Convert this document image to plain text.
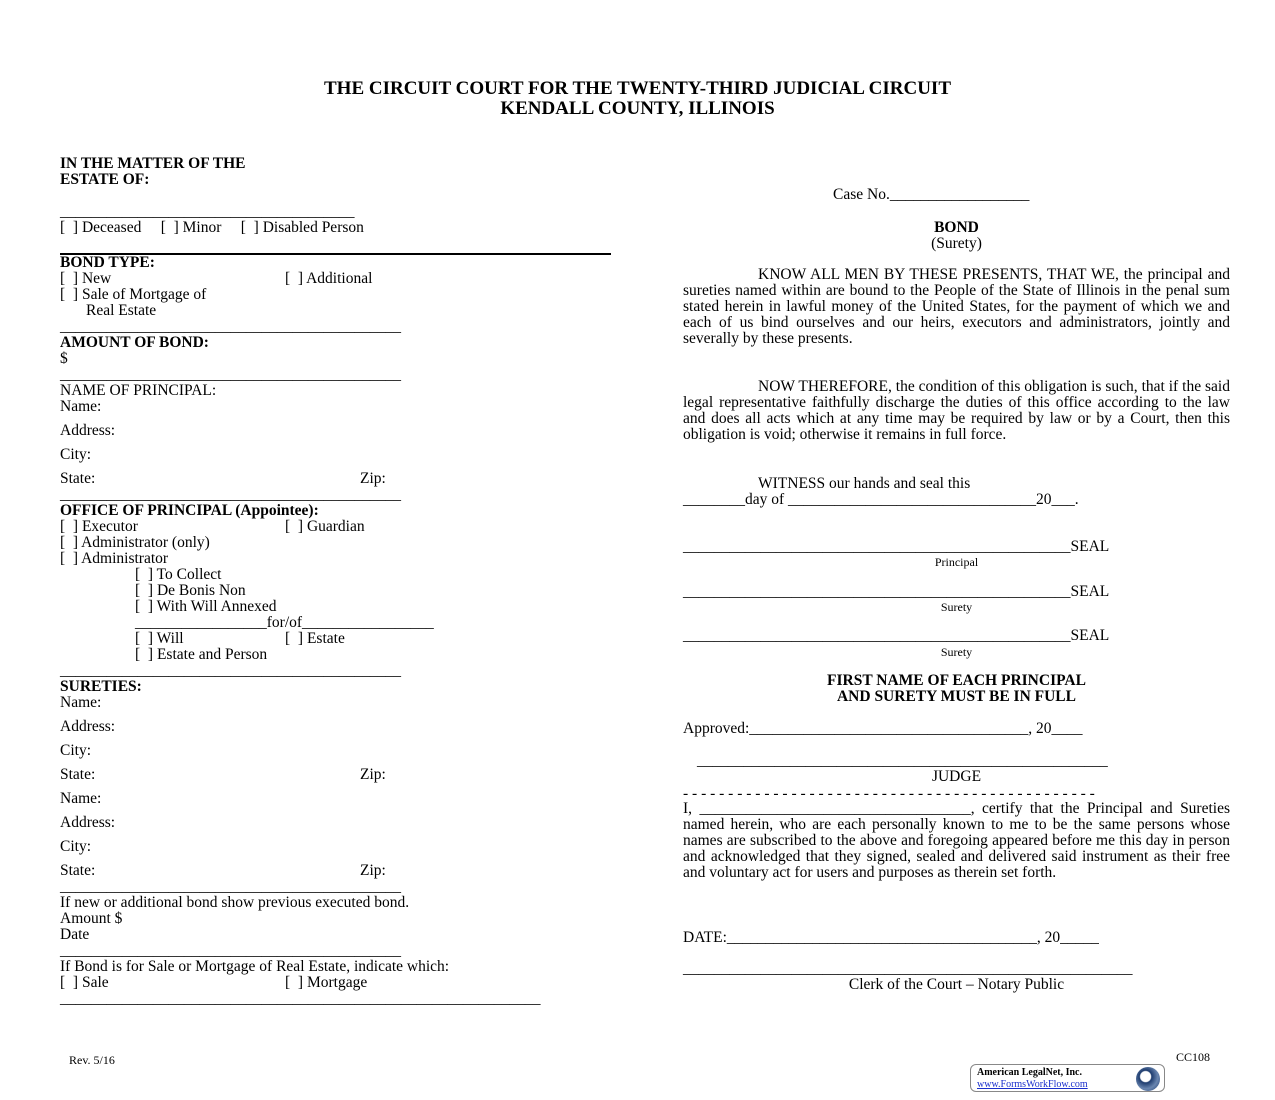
THE CIRCUIT COURT FOR THE TWENTY-THIRD JUDICIAL CIRCUIT
KENDALL COUNTY, ILLINOIS
IN THE MATTER OF THE
ESTATE OF:
______________________________________
[  ] Deceased     [  ] Minor     [  ] Disabled Person
BOND TYPE:
[  ] New	[  ] Additional
[  ] Sale of Mortgage of
Real Estate
____________________________________________
AMOUNT OF BOND:
$
____________________________________________
NAME OF PRINCIPAL:
Name:
Address:
City:
State:	Zip:
____________________________________________
OFFICE OF PRINCIPAL (Appointee):
[  ] Executor	[  ] Guardian
[  ] Administrator (only)
[  ] Administrator
[  ] To Collect
[  ] De Bonis Non
[  ] With Will Annexed
_________________for/of_________________
[  ] Will	[  ] Estate
[  ] Estate and Person
____________________________________________
SURETIES:
Name:
Address:
City:
State:	Zip:
Name:
Address:
City:
State:	Zip:
____________________________________________
If new or additional bond show previous executed bond.
Amount $
Date
____________________________________________
If Bond is for Sale or Mortgage of Real Estate, indicate which:
[  ] Sale	[  ] Mortgage
______________________________________________________________
Rev. 5/16
Case No.__________________
BOND
(Surety)
KNOW ALL MEN BY THESE PRESENTS, THAT WE, the principal and sureties named within are bound to the People of the State of Illinois in the penal sum stated herein in lawful money of the United States, for the payment of which we and each of us bind ourselves and our heirs, executors and administrators, jointly and severally by these presents.
NOW THEREFORE, the condition of this obligation is such, that if the said legal representative faithfully discharge the duties of this office according to the law and does all acts which at any time may be required by law or by a Court, then this obligation is void; otherwise it remains in full force.
WITNESS our hands and seal this
________day of ________________________________20___.
__________________________________________________SEAL
Principal
__________________________________________________SEAL
Surety
__________________________________________________SEAL
Surety
FIRST NAME OF EACH PRINCIPAL
AND SURETY MUST BE IN FULL
Approved:____________________________________, 20____
_____________________________________________________
JUDGE
- - - - - - - - - - - - - - - - - - - - - - - - - - - - - - - - - - - - - - - - - - - - - -
I, ___________________________________, certify that the Principal and Sureties named herein, who are each personally known to me to be the same persons whose names are subscribed to the above and foregoing appeared before me this day in person and acknowledged that they signed, sealed and delivered said instrument as their free and voluntary act for users and purposes as therein set forth.
DATE:________________________________________, 20_____
__________________________________________________________
Clerk of the Court – Notary Public
CC108
American LegalNet, Inc.
www.FormsWorkFlow.com
